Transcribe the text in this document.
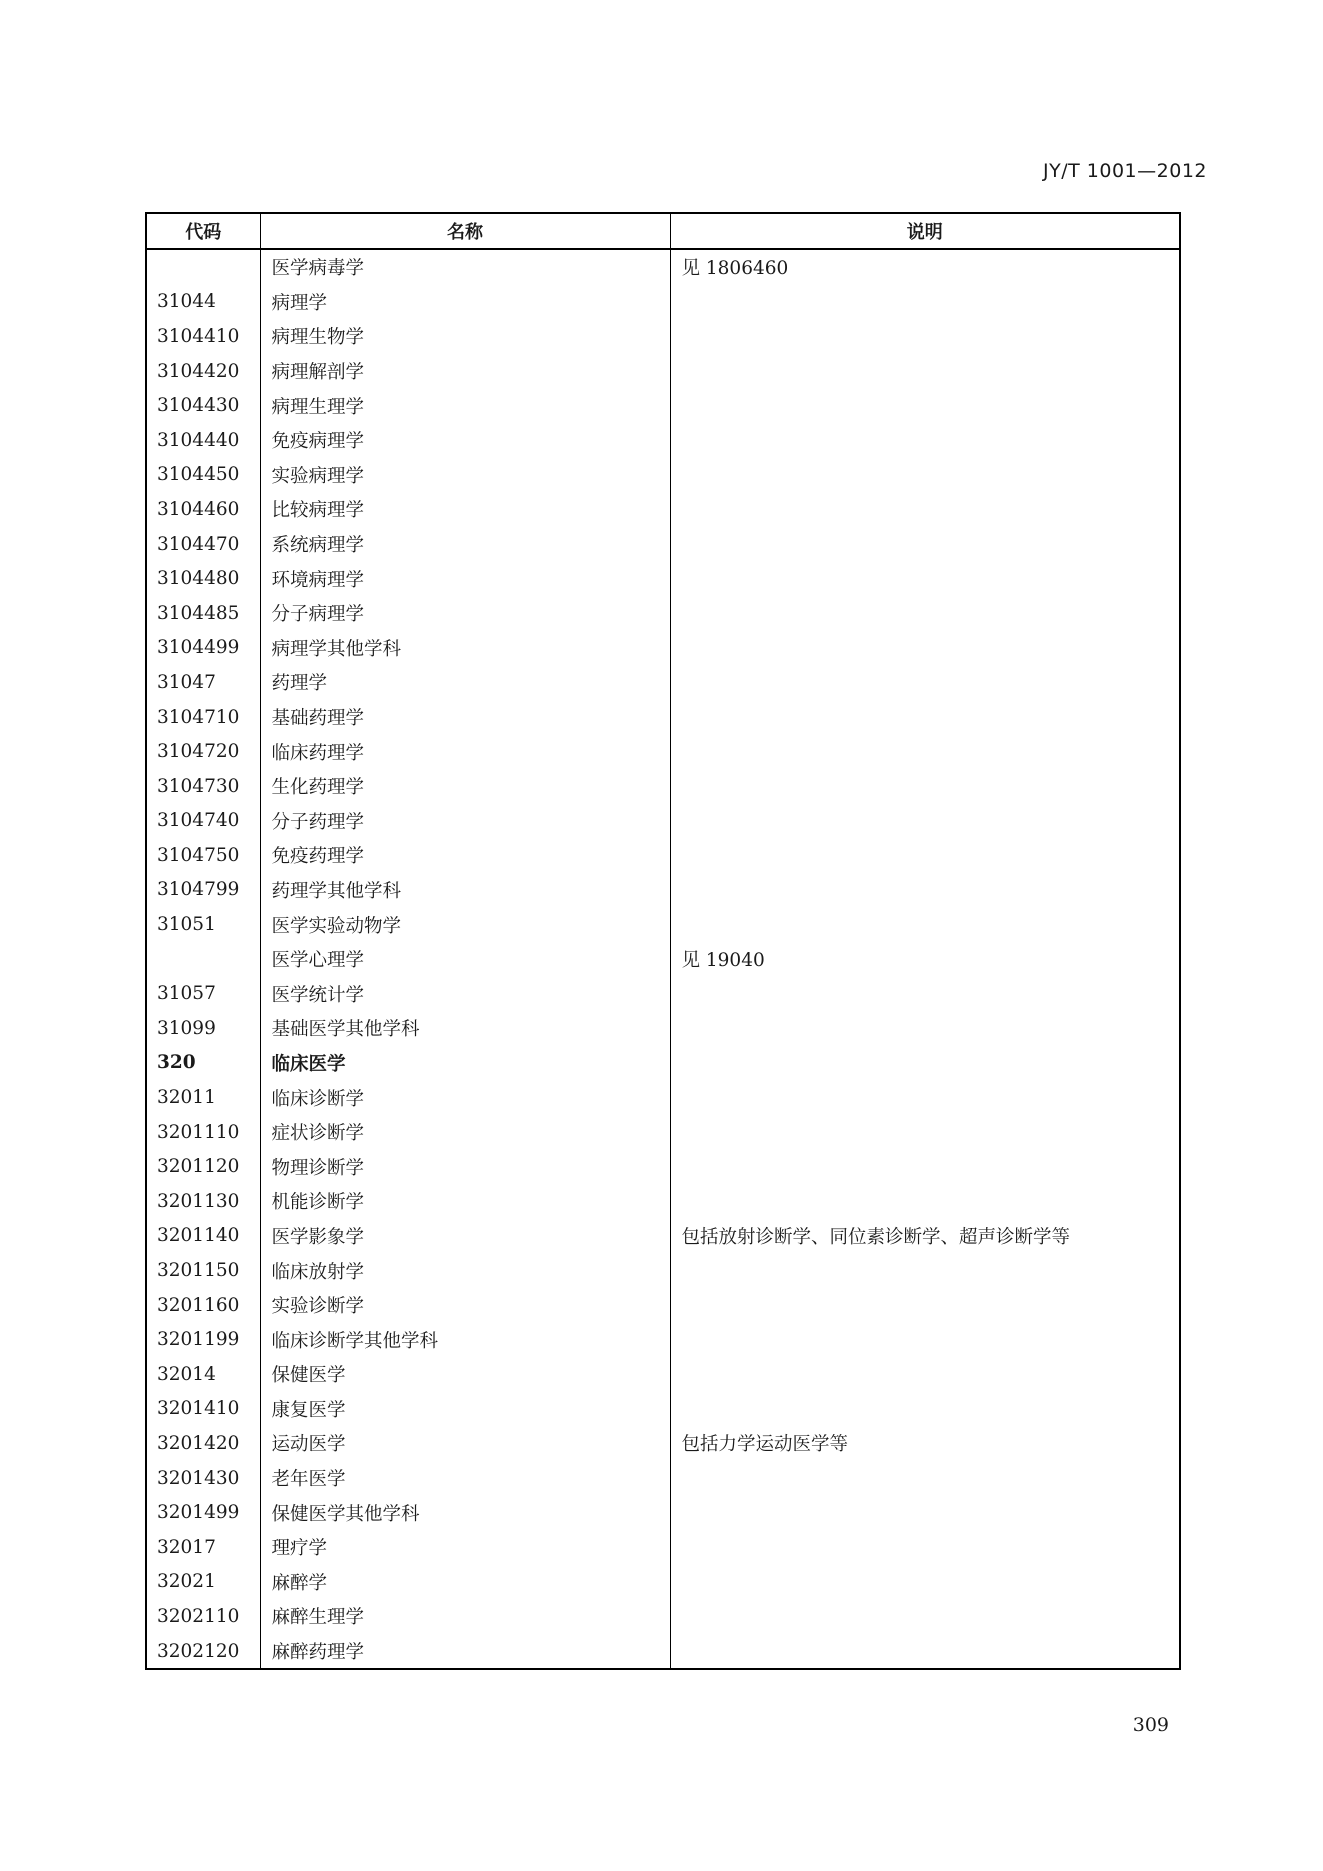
JY/T 1001—2012

代码	名称	说明
	医学病毒学	见 1806460
31044	病理学	
3104410	病理生物学	
3104420	病理解剖学	
3104430	病理生理学	
3104440	免疫病理学	
3104450	实验病理学	
3104460	比较病理学	
3104470	系统病理学	
3104480	环境病理学	
3104485	分子病理学	
3104499	病理学其他学科	
31047	药理学	
3104710	基础药理学	
3104720	临床药理学	
3104730	生化药理学	
3104740	分子药理学	
3104750	免疫药理学	
3104799	药理学其他学科	
31051	医学实验动物学	
	医学心理学	见 19040
31057	医学统计学	
31099	基础医学其他学科	
320	临床医学	
32011	临床诊断学	
3201110	症状诊断学	
3201120	物理诊断学	
3201130	机能诊断学	
3201140	医学影象学	包括放射诊断学、同位素诊断学、超声诊断学等
3201150	临床放射学	
3201160	实验诊断学	
3201199	临床诊断学其他学科	
32014	保健医学	
3201410	康复医学	
3201420	运动医学	包括力学运动医学等
3201430	老年医学	
3201499	保健医学其他学科	
32017	理疗学	
32021	麻醉学	
3202110	麻醉生理学	
3202120	麻醉药理学	

309
